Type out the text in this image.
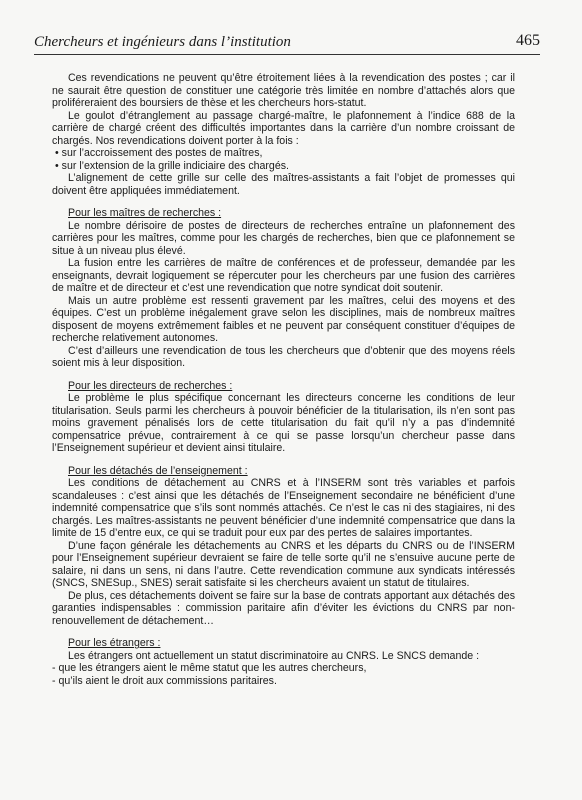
Chercheurs et ingénieurs dans l’institution	465

Ces revendications ne peuvent qu’être étroitement liées à la revendication des postes ; car il ne saurait être question de constituer une catégorie très limitée en nombre d’attachés alors que proliféreraient des boursiers de thèse et les chercheurs hors-statut.

Le goulot d’étranglement au passage chargé-maître, le plafonnement à l’indice 688 de la carrière de chargé créent des difficultés importantes dans la carrière d’un nombre croissant de chargés. Nos revendications doivent porter à la fois :

• sur l’accroissement des postes de maîtres,
• sur l’extension de la grille indiciaire des chargés.

L’alignement de cette grille sur celle des maîtres-assistants a fait l’objet de promesses qui doivent être appliquées immédiatement.

Pour les maîtres de recherches :

Le nombre dérisoire de postes de directeurs de recherches entraîne un plafonnement des carrières pour les maîtres, comme pour les chargés de recherches, bien que ce plafonnement se situe à un niveau plus élevé.

La fusion entre les carrières de maître de conférences et de professeur, demandée par les enseignants, devrait logiquement se répercuter pour les chercheurs par une fusion des carrières de maître et de directeur et c’est une revendication que notre syndicat doit soutenir.

Mais un autre problème est ressenti gravement par les maîtres, celui des moyens et des équipes. C’est un problème inégalement grave selon les disciplines, mais de nombreux maîtres disposent de moyens extrêmement faibles et ne peuvent par conséquent constituer d’équipes de recherche relativement autonomes.

C’est d’ailleurs une revendication de tous les chercheurs que d’obtenir que des moyens réels soient mis à leur disposition.

Pour les directeurs de recherches :

Le problème le plus spécifique concernant les directeurs concerne les conditions de leur titularisation. Seuls parmi les chercheurs à pouvoir bénéficier de la titularisation, ils n’en sont pas moins gravement pénalisés lors de cette titularisation du fait qu’il n’y a pas d’indemnité compensatrice prévue, contrairement à ce qui se passe lorsqu’un chercheur passe dans l’Enseignement supérieur et devient ainsi titulaire.

Pour les détachés de l’enseignement :

Les conditions de détachement au CNRS et à l’INSERM sont très variables et parfois scandaleuses : c’est ainsi que les détachés de l’Enseignement secondaire ne bénéficient d’une indemnité compensatrice que s’ils sont nommés attachés. Ce n’est le cas ni des stagiaires, ni des chargés. Les maîtres-assistants ne peuvent bénéficier d’une indemnité compensatrice que dans la limite de 15 d’entre eux, ce qui se traduit pour eux par des pertes de salaires importantes.

D’une façon générale les détachements au CNRS et les départs du CNRS ou de l’INSERM pour l’Enseignement supérieur devraient se faire de telle sorte qu’il ne s’ensuive aucune perte de salaire, ni dans un sens, ni dans l’autre. Cette revendication commune aux syndicats intéressés (SNCS, SNESup., SNES) serait satisfaite si les chercheurs avaient un statut de titulaires.

De plus, ces détachements doivent se faire sur la base de contrats apportant aux détachés des garanties indispensables : commission paritaire afin d’éviter les évictions du CNRS par non-renouvellement de détachement…

Pour les étrangers :

Les étrangers ont actuellement un statut discriminatoire au CNRS. Le SNCS demande :

- que les étrangers aient le même statut que les autres chercheurs,
- qu’ils aient le droit aux commissions paritaires.
